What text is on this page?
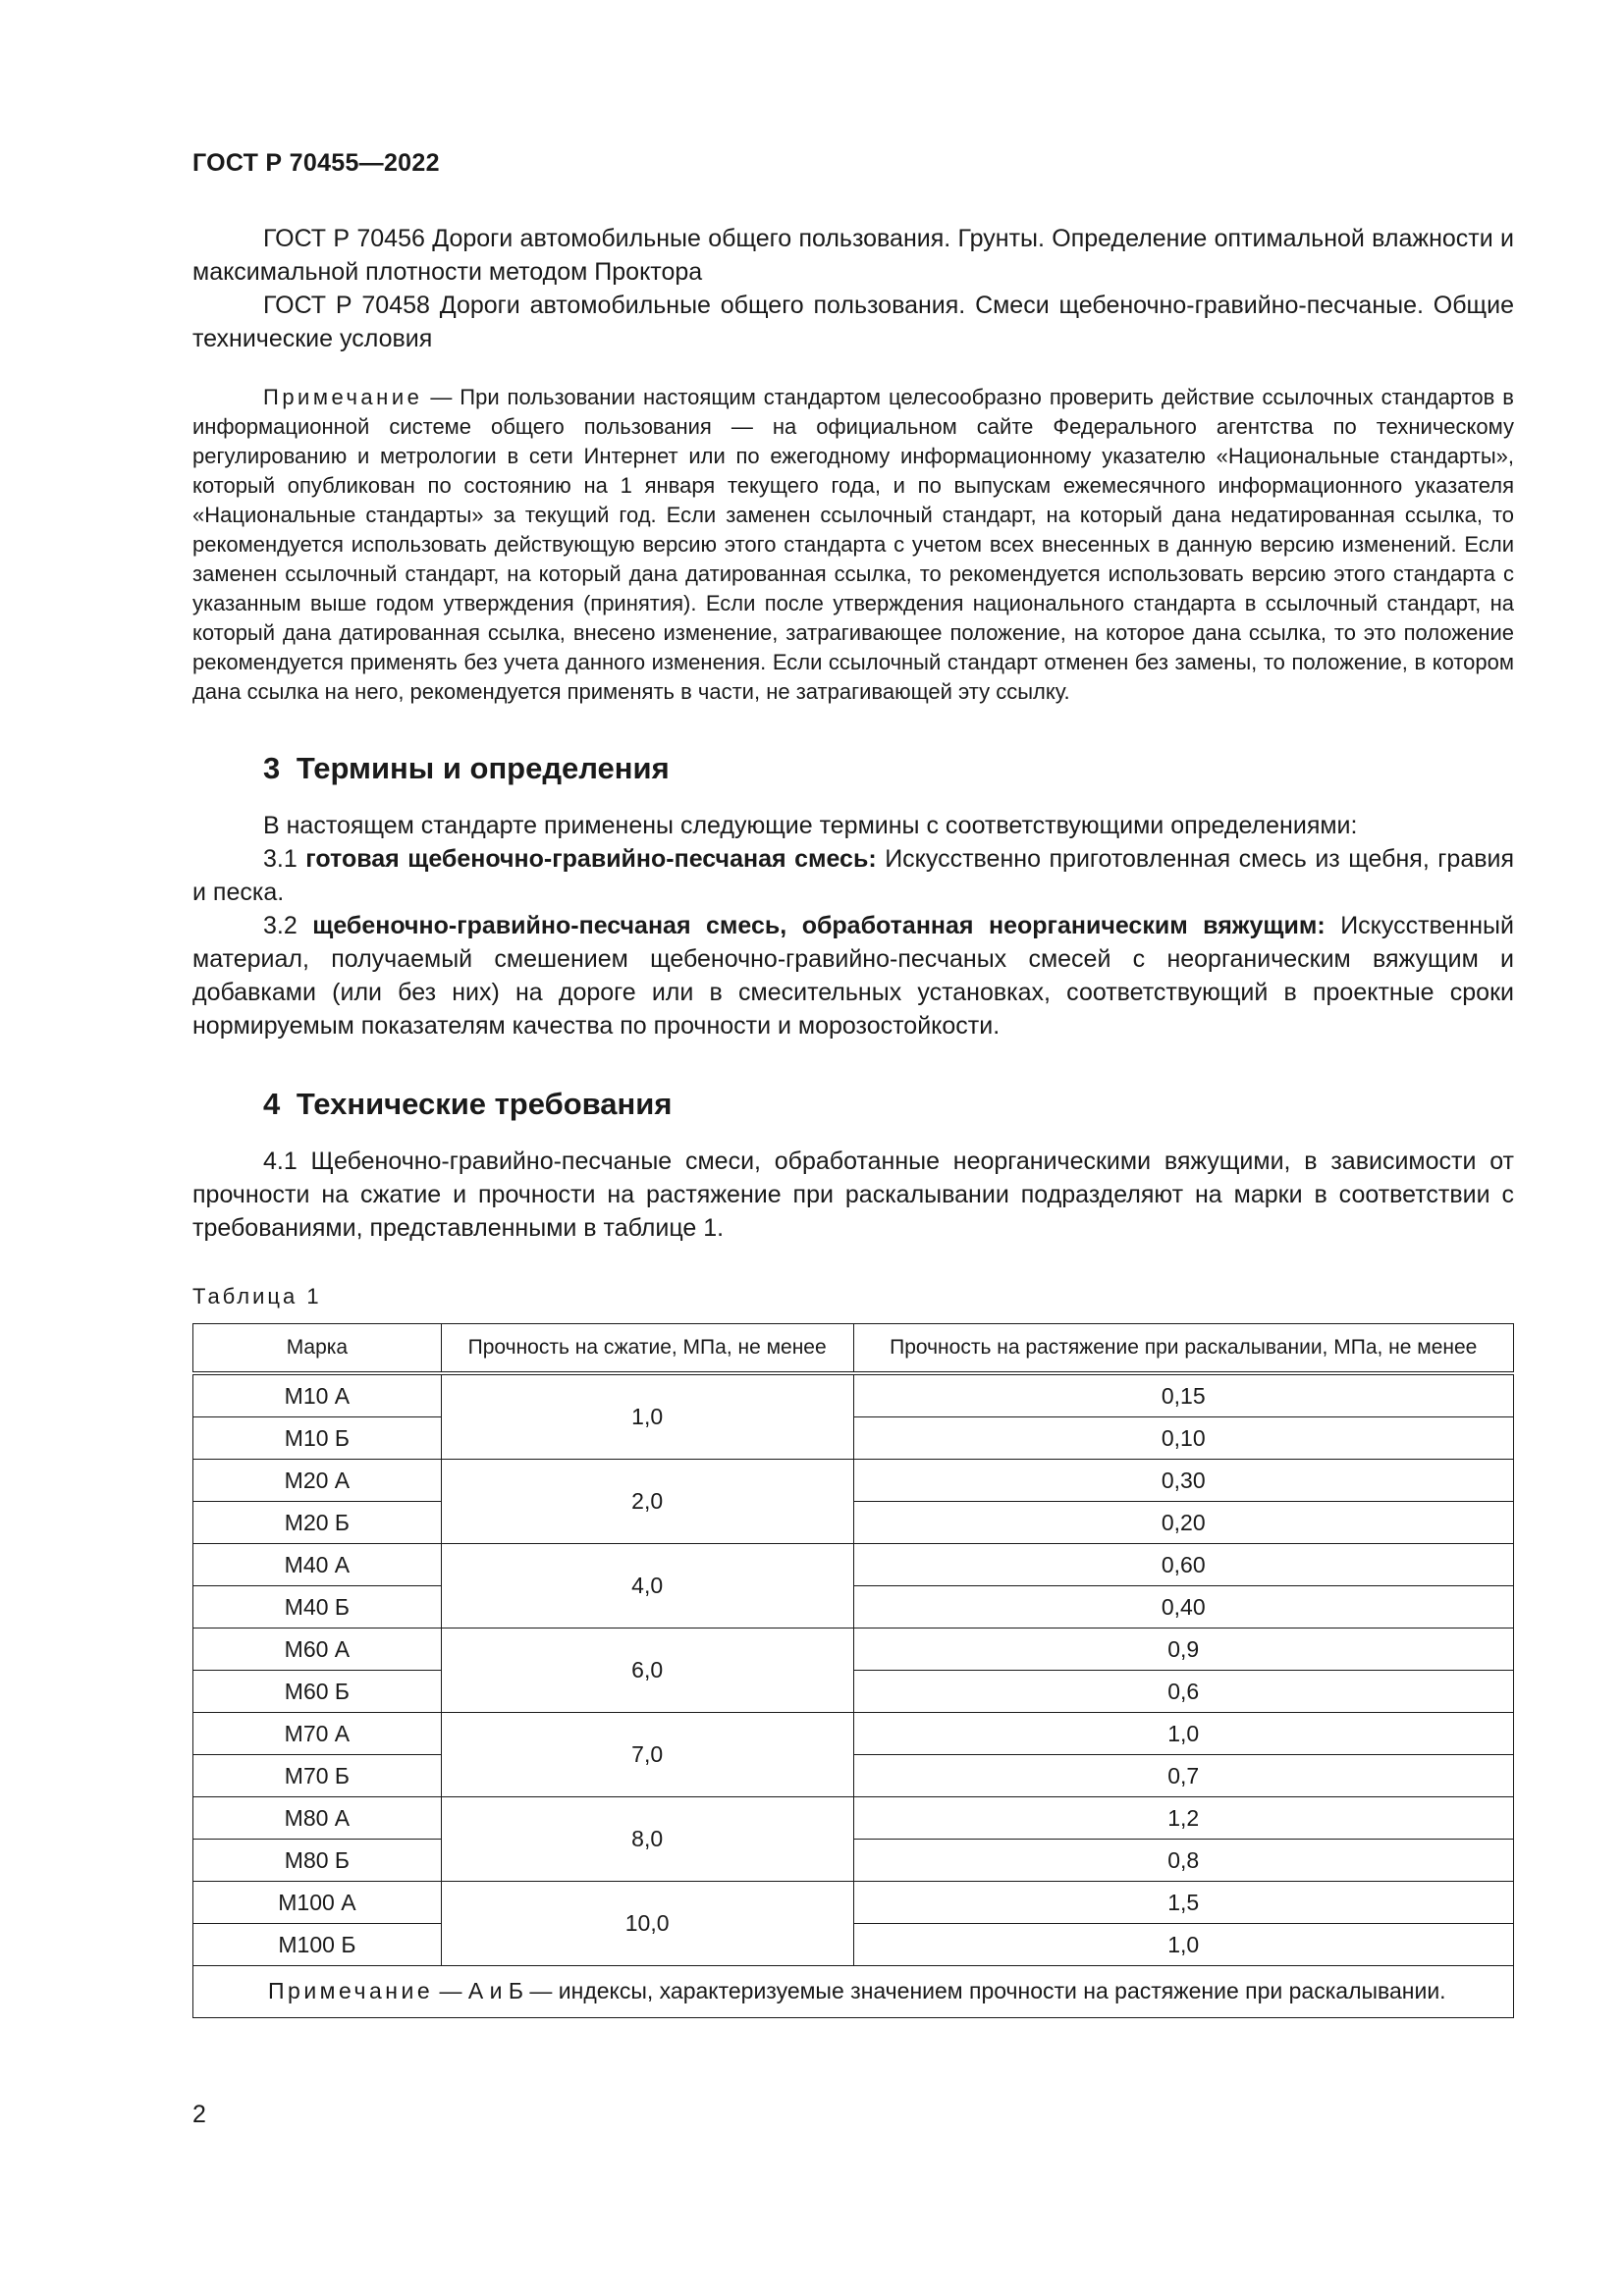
ГОСТ Р 70455—2022

ГОСТ Р 70456 Дороги автомобильные общего пользования. Грунты. Определение оптимальной влажности и максимальной плотности методом Проктора

ГОСТ Р 70458 Дороги автомобильные общего пользования. Смеси щебеночно-гравийно-песчаные. Общие технические условия

Примечание — При пользовании настоящим стандартом целесообразно проверить действие ссылочных стандартов в информационной системе общего пользования — на официальном сайте Федерального агентства по техническому регулированию и метрологии в сети Интернет или по ежегодному информационному указателю «Национальные стандарты», который опубликован по состоянию на 1 января текущего года, и по выпускам ежемесячного информационного указателя «Национальные стандарты» за текущий год. Если заменен ссылочный стандарт, на который дана недатированная ссылка, то рекомендуется использовать действующую версию этого стандарта с учетом всех внесенных в данную версию изменений. Если заменен ссылочный стандарт, на который дана датированная ссылка, то рекомендуется использовать версию этого стандарта с указанным выше годом утверждения (принятия). Если после утверждения национального стандарта в ссылочный стандарт, на который дана датированная ссылка, внесено изменение, затрагивающее положение, на которое дана ссылка, то это положение рекомендуется применять без учета данного изменения. Если ссылочный стандарт отменен без замены, то положение, в котором дана ссылка на него, рекомендуется применять в части, не затрагивающей эту ссылку.

3 Термины и определения

В настоящем стандарте применены следующие термины с соответствующими определениями:

3.1 готовая щебеночно-гравийно-песчаная смесь: Искусственно приготовленная смесь из щебня, гравия и песка.

3.2 щебеночно-гравийно-песчаная смесь, обработанная неорганическим вяжущим: Искусственный материал, получаемый смешением щебеночно-гравийно-песчаных смесей с неорганическим вяжущим и добавками (или без них) на дороге или в смесительных установках, соответствующий в проектные сроки нормируемым показателям качества по прочности и морозостойкости.

4 Технические требования

4.1 Щебеночно-гравийно-песчаные смеси, обработанные неорганическими вяжущими, в зависимости от прочности на сжатие и прочности на растяжение при раскалывании подразделяют на марки в соответствии с требованиями, представленными в таблице 1.

Таблица 1
Марка	Прочность на сжатие, МПа, не менее	Прочность на растяжение при раскалывании, МПа, не менее
М10 А	1,0	0,15
М10 Б		0,10
М20 А	2,0	0,30
М20 Б		0,20
М40 А	4,0	0,60
М40 Б		0,40
М60 А	6,0	0,9
М60 Б		0,6
М70 А	7,0	1,0
М70 Б		0,7
М80 А	8,0	1,2
М80 Б		0,8
М100 А	10,0	1,5
М100 Б		1,0
Примечание — А и Б — индексы, характеризуемые значением прочности на растяжение при раскалывании.		
2
